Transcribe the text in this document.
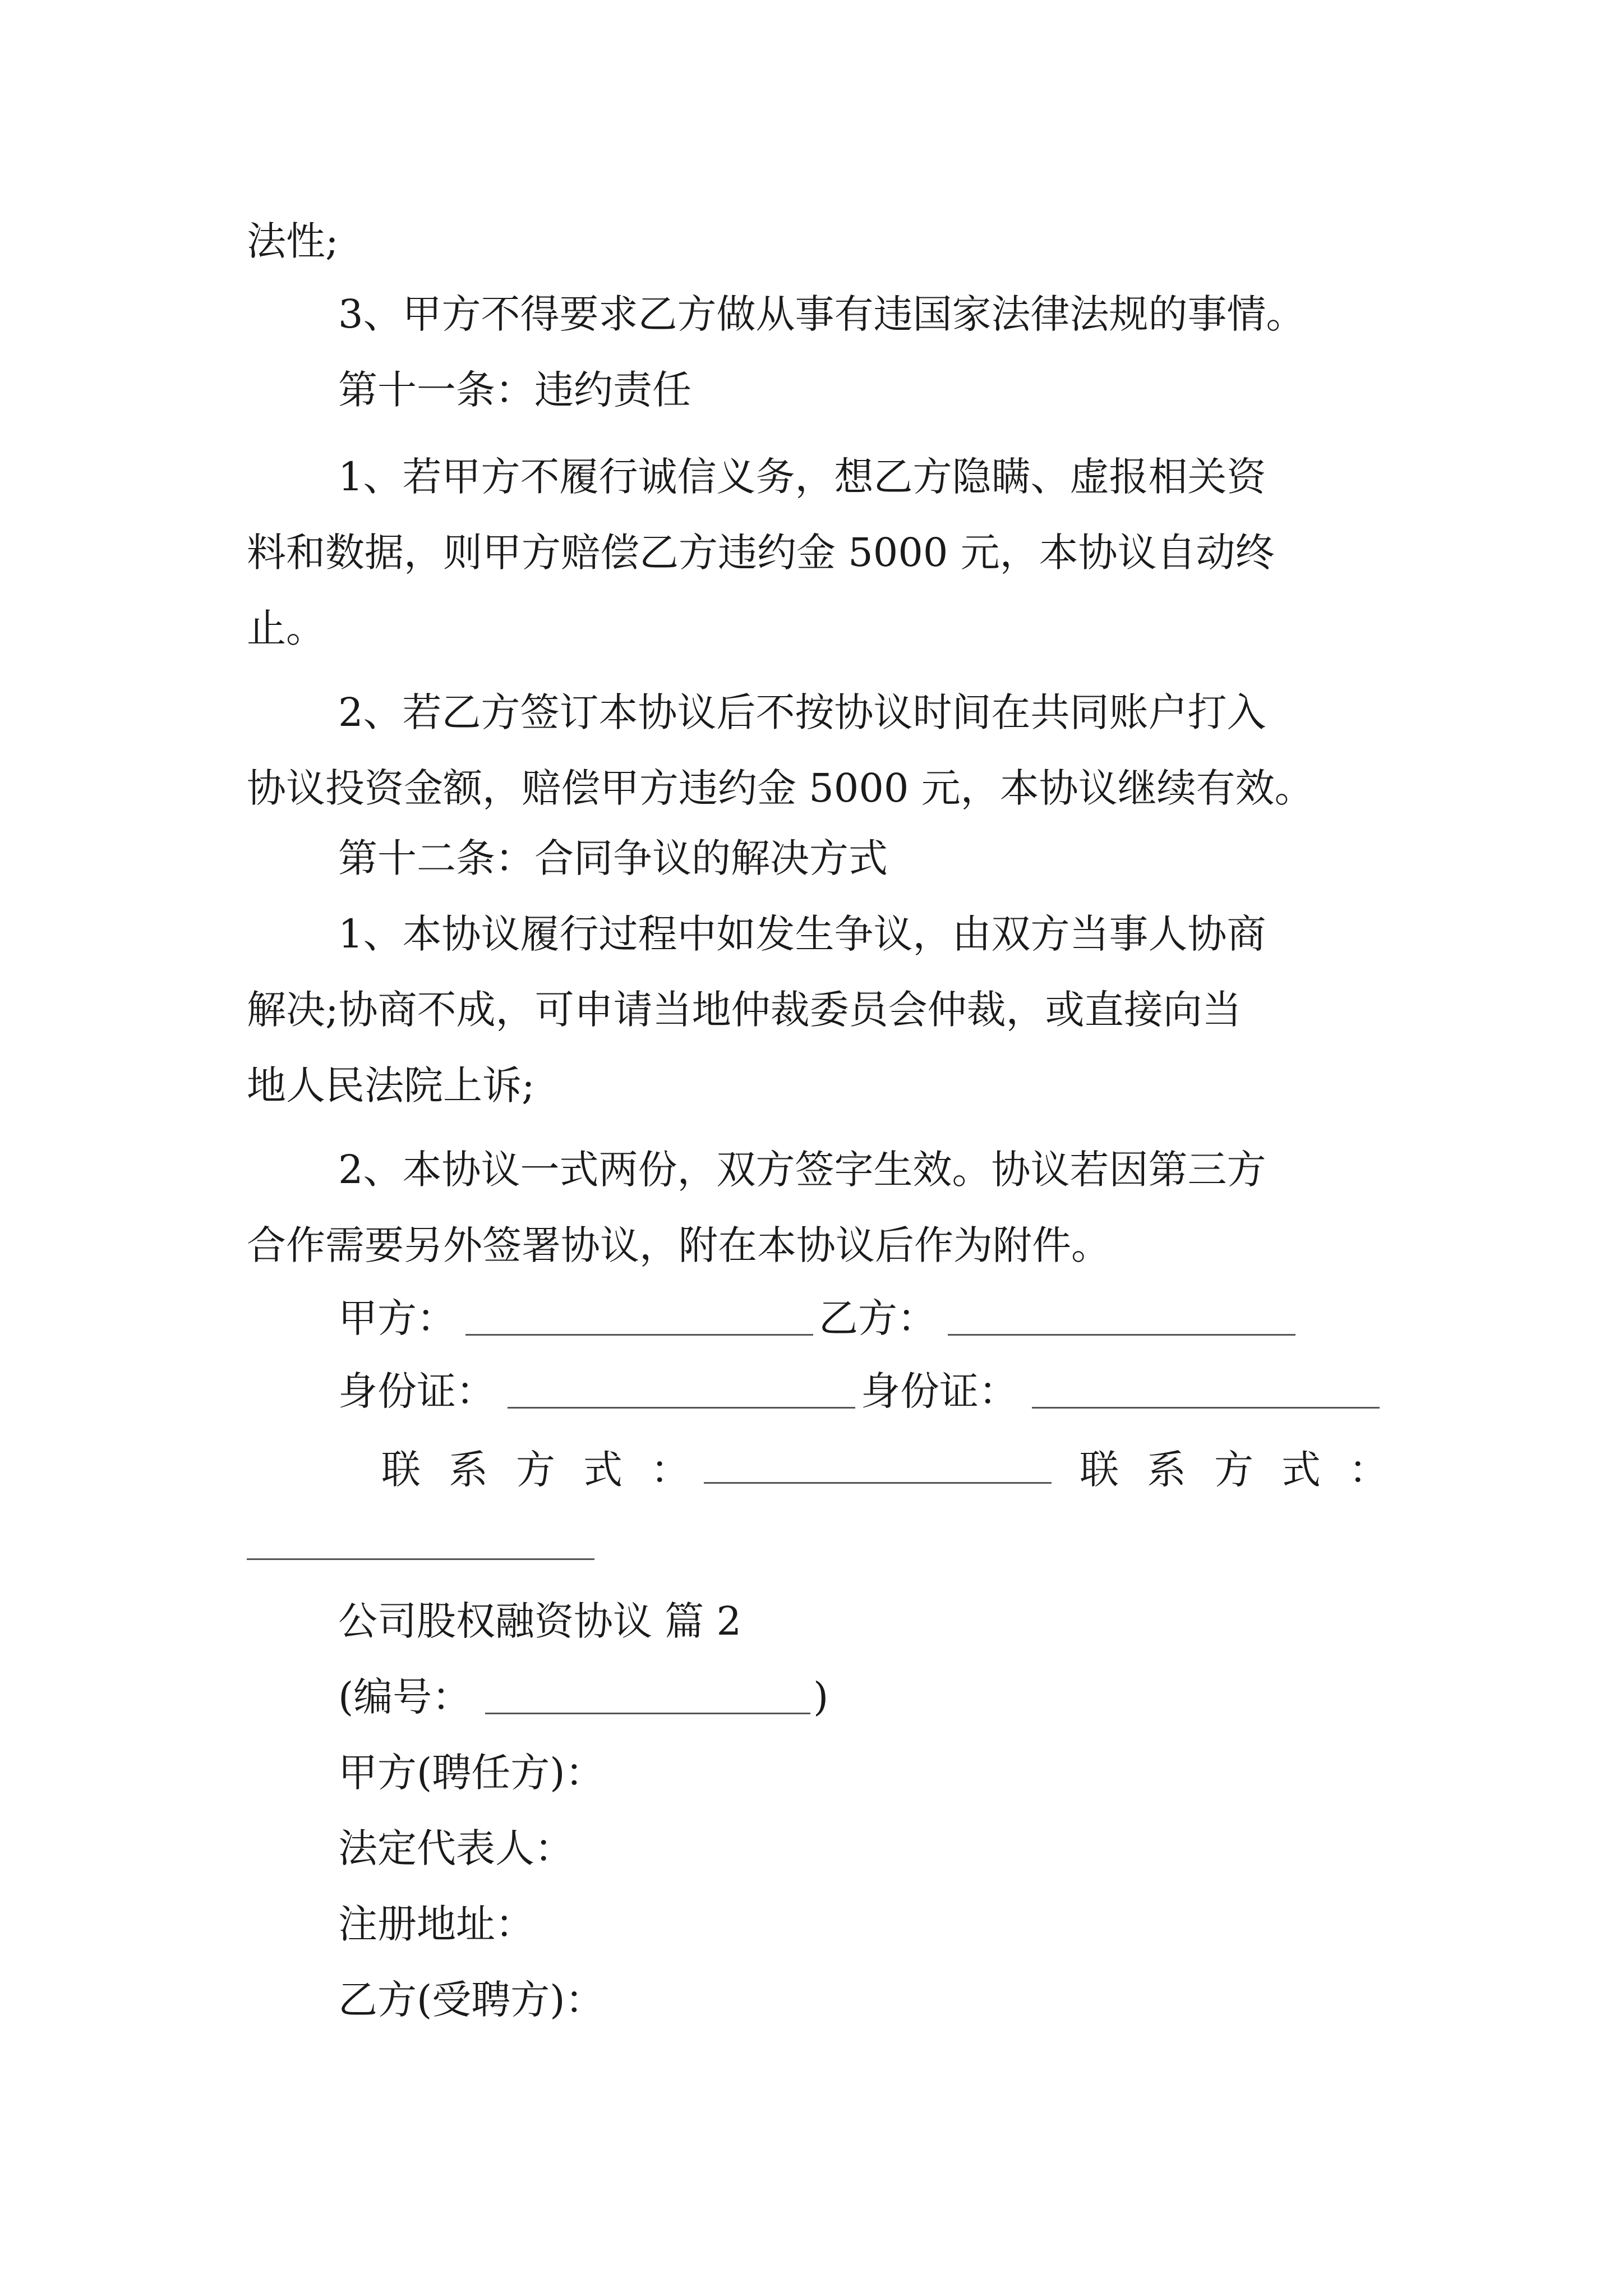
法性;
3、甲方不得要求乙方做从事有违国家法律法规的事情。
第十一条：违约责任
1、若甲方不履行诚信义务，想乙方隐瞒、虚报相关资
料和数据，则甲方赔偿乙方违约金 5000 元，本协议自动终
止。
2、若乙方签订本协议后不按协议时间在共同账户打入
协议投资金额，赔偿甲方违约金 5000 元，本协议继续有效。
第十二条：合同争议的解决方式
1、本协议履行过程中如发生争议，由双方当事人协商
解决;协商不成，可申请当地仲裁委员会仲裁，或直接向当
地人民法院上诉;
2、本协议一式两份，双方签字生效。协议若因第三方
合作需要另外签署协议，附在本协议后作为附件。
甲方：	乙方：
身份证：	身份证：
联系方式：	联系方式：
公司股权融资协议 篇 2
(编号：	)
甲方(聘任方)：
法定代表人：
注册地址：
乙方(受聘方)：
